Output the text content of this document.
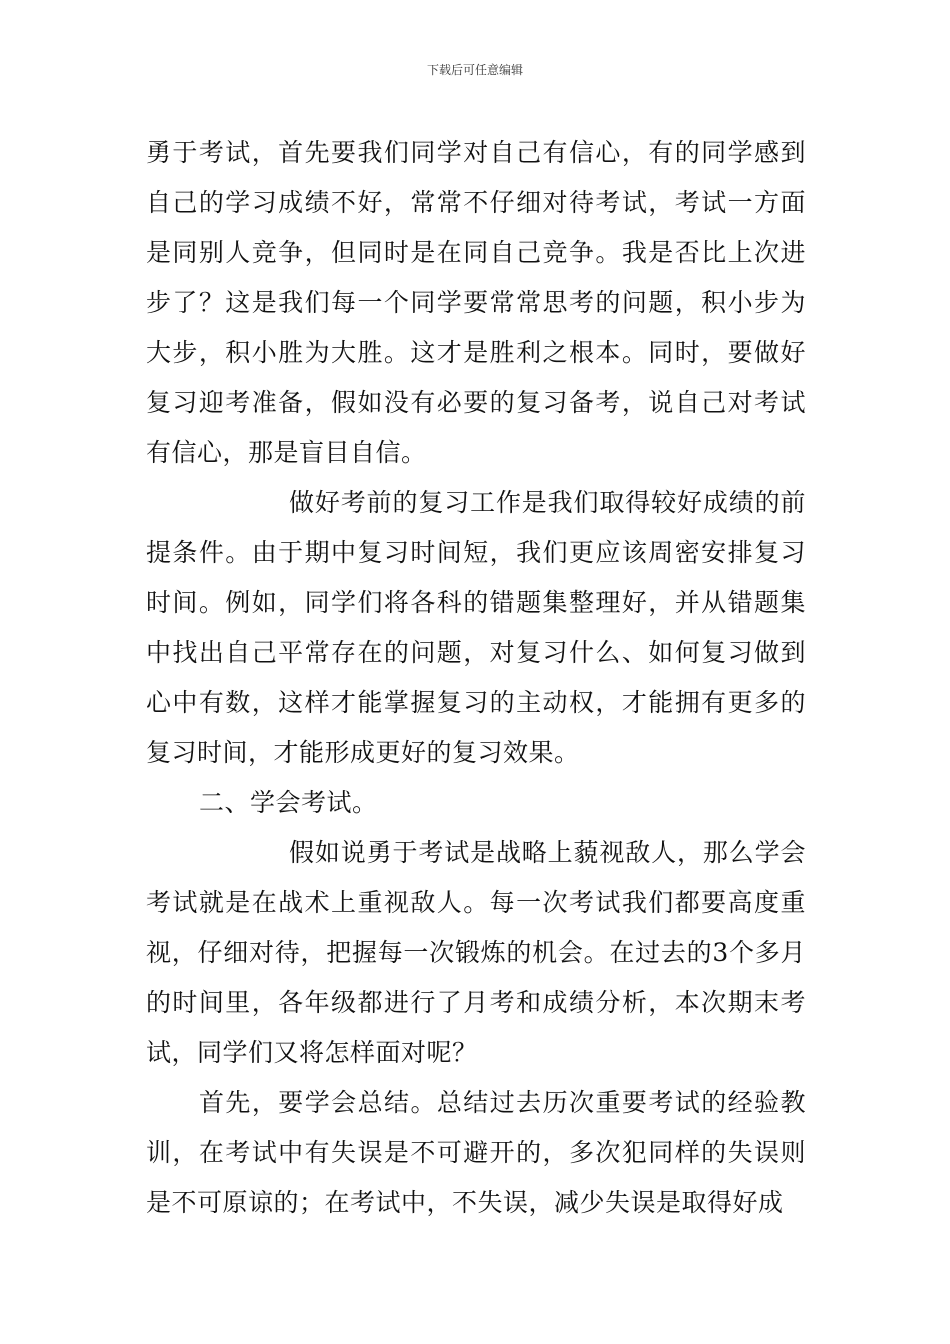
下载后可任意编辑

勇于考试，首先要我们同学对自己有信心，有的同学感到自己的学习成绩不好，常常不仔细对待考试，考试一方面是同别人竞争，但同时是在同自己竞争。我是否比上次进步了？这是我们每一个同学要常常思考的问题，积小步为大步，积小胜为大胜。这才是胜利之根本。同时，要做好复习迎考准备，假如没有必要的复习备考，说自己对考试有信心，那是盲目自信。

做好考前的复习工作是我们取得较好成绩的前提条件。由于期中复习时间短，我们更应该周密安排复习时间。例如，同学们将各科的错题集整理好，并从错题集中找出自己平常存在的问题，对复习什么、如何复习做到心中有数，这样才能掌握复习的主动权，才能拥有更多的复习时间，才能形成更好的复习效果。

二、学会考试。

假如说勇于考试是战略上藐视敌人，那么学会考试就是在战术上重视敌人。每一次考试我们都要高度重视，仔细对待，把握每一次锻炼的机会。在过去的3个多月的时间里，各年级都进行了月考和成绩分析，本次期末考试，同学们又将怎样面对呢？

首先，要学会总结。总结过去历次重要考试的经验教训，在考试中有失误是不可避开的，多次犯同样的失误则是不可原谅的；在考试中，不失误，减少失误是取得好成
